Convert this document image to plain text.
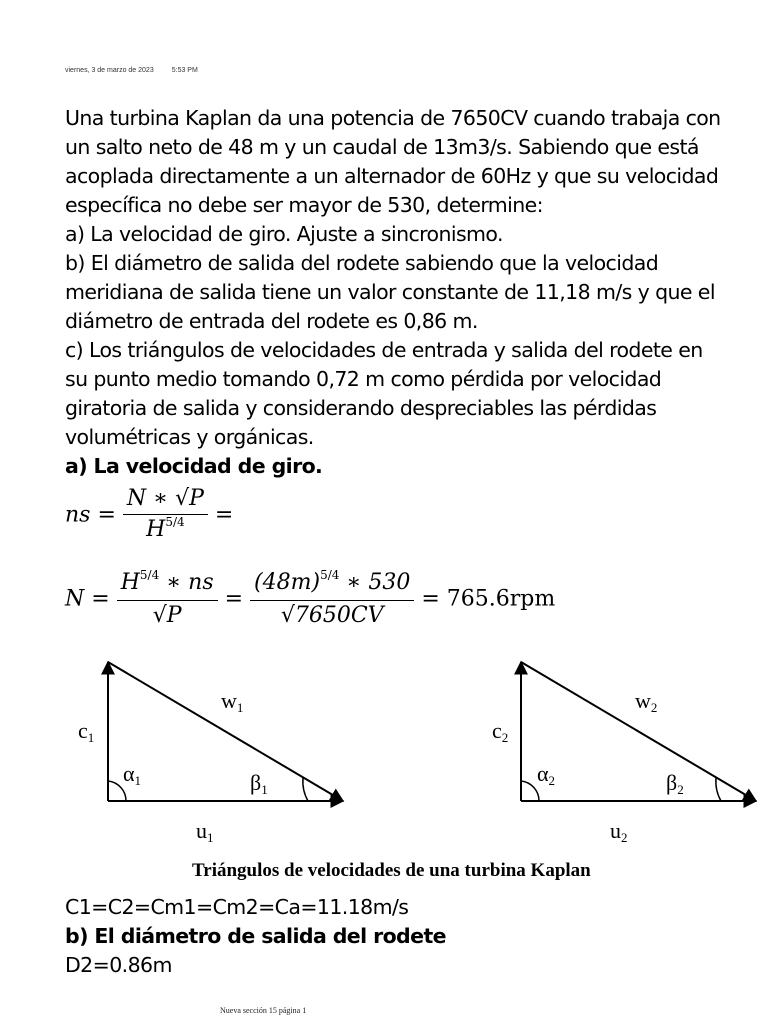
viernes, 3 de marzo de 2023	5:53 PM

Una turbina Kaplan da una potencia de 7650CV cuando trabaja con

un salto neto de 48 m y un caudal de 13m3/s. Sabiendo que está

acoplada directamente a un alternador de 60Hz y que su velocidad

específica no debe ser mayor de 530, determine:

a) La velocidad de giro. Ajuste a sincronismo.

b) El diámetro de salida del rodete sabiendo que la velocidad

meridiana de salida tiene un valor constante de 11,18 m/s y que el

diámetro de entrada del rodete es 0,86 m.

c) Los triángulos de velocidades de entrada y salida del rodete en

su punto medio tomando 0,72 m como pérdida por velocidad

giratoria de salida y considerando despreciables las pérdidas

volumétricas y orgánicas.

a) La velocidad de giro.

ns = $\frac{N ∗ √P}{H^{5/4}}$ =
$N = \frac{H^{5/4} ∗ ns}{√P} = \frac{(48m)^{5/4} ∗ 530}{√7650CV} = 765.6rpm$
c1
w1
α1	β1
u1
c2
w2
α2	β2
u2
Triángulos de velocidades de una turbina Kaplan

C1=C2=Cm1=Cm2=Ca=11.18m/s

b) El diámetro de salida del rodete

D2=0.86m

Nueva sección 15 página 1
